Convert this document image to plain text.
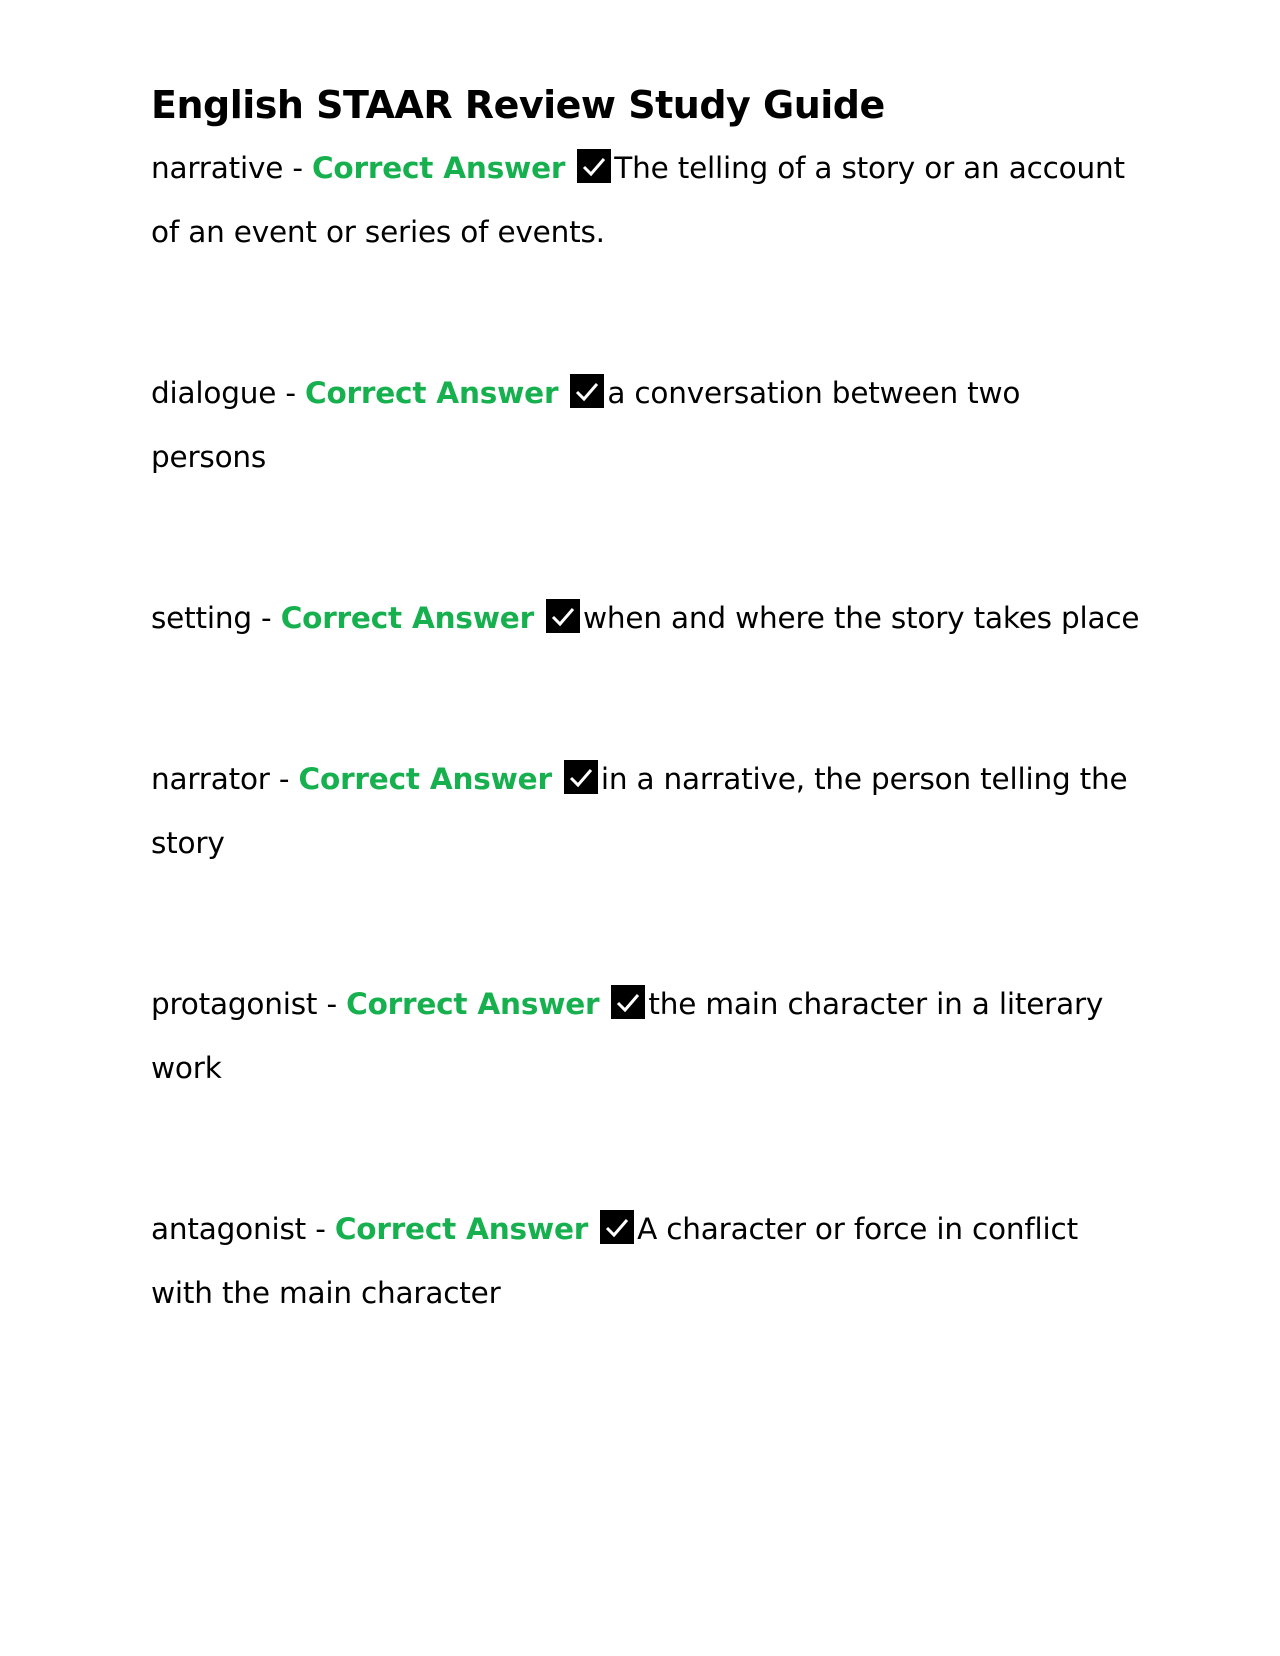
English STAAR Review Study Guide

narrative - Correct Answer The telling of a story or an account of an event or series of events.

dialogue - Correct Answer a conversation between two persons

setting - Correct Answer when and where the story takes place

narrator - Correct Answer in a narrative, the person telling the story

protagonist - Correct Answer the main character in a literary work

antagonist - Correct Answer A character or force in conflict with the main character
